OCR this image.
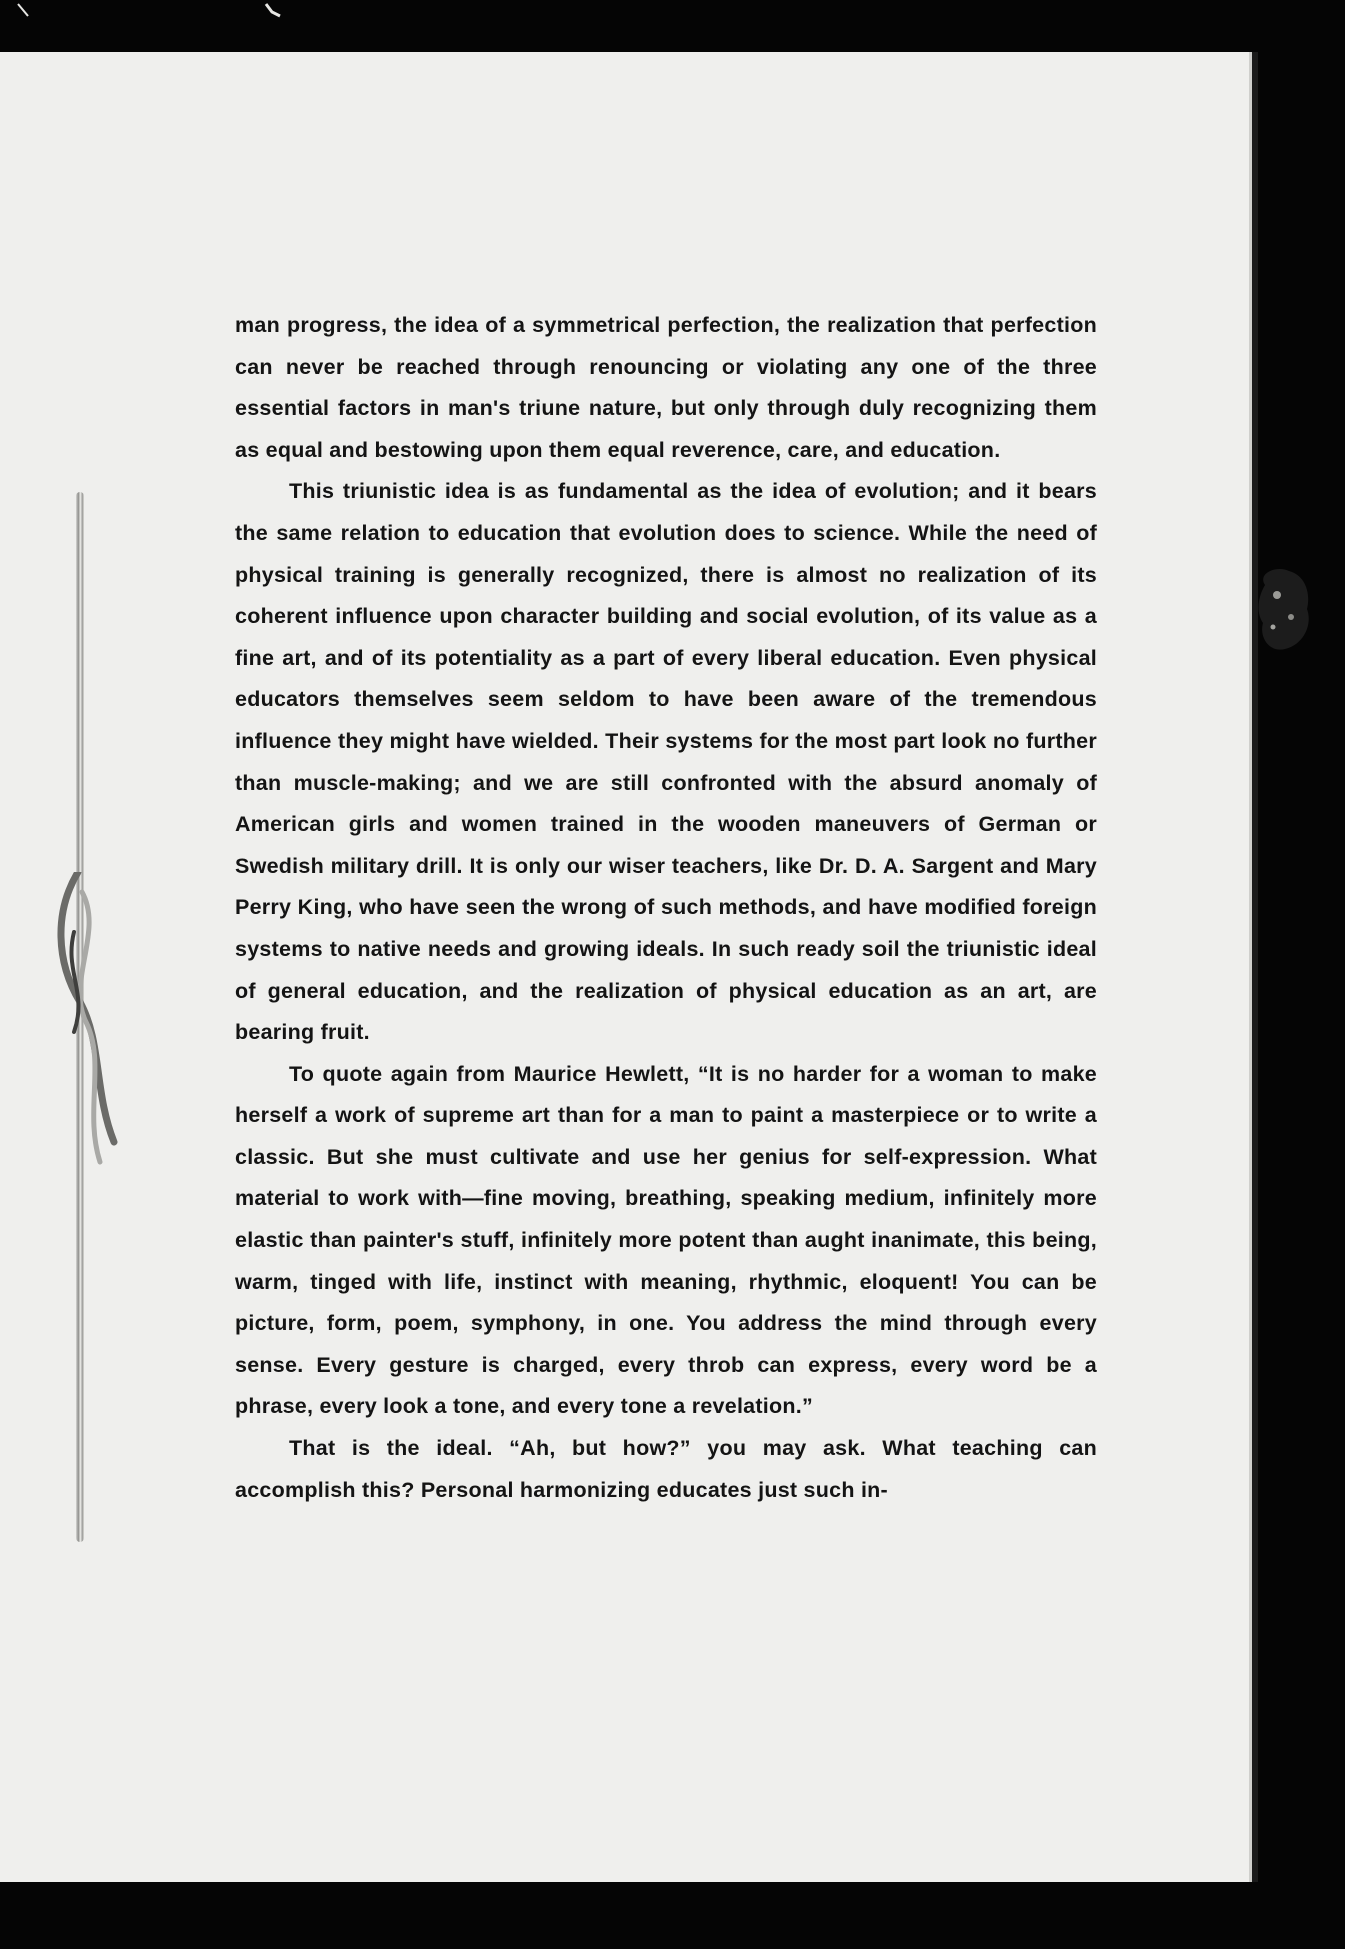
man progress, the idea of a symmetrical perfection, the realization that perfection can never be reached through renouncing or violating any one of the three essential factors in man's triune nature, but only through duly recognizing them as equal and bestowing upon them equal reverence, care, and education.

This triunistic idea is as fundamental as the idea of evolution; and it bears the same relation to education that evolution does to science. While the need of physical training is generally recognized, there is almost no realization of its coherent influence upon character building and social evolution, of its value as a fine art, and of its potentiality as a part of every liberal education. Even physical educators themselves seem seldom to have been aware of the tremendous influence they might have wielded. Their systems for the most part look no further than muscle-making; and we are still confronted with the absurd anomaly of American girls and women trained in the wooden maneuvers of German or Swedish military drill. It is only our wiser teachers, like Dr. D. A. Sargent and Mary Perry King, who have seen the wrong of such methods, and have modified foreign systems to native needs and growing ideals. In such ready soil the triunistic ideal of general education, and the realization of physical education as an art, are bearing fruit.

To quote again from Maurice Hewlett, “It is no harder for a woman to make herself a work of supreme art than for a man to paint a masterpiece or to write a classic. But she must cultivate and use her genius for self-expression. What material to work with—fine moving, breathing, speaking medium, infinitely more elastic than painter's stuff, infinitely more potent than aught inanimate, this being, warm, tinged with life, instinct with meaning, rhythmic, eloquent! You can be picture, form, poem, symphony, in one. You address the mind through every sense. Every gesture is charged, every throb can express, every word be a phrase, every look a tone, and every tone a revelation.”

That is the ideal. “Ah, but how?” you may ask. What teaching can accomplish this? Personal harmonizing educates just such in-
